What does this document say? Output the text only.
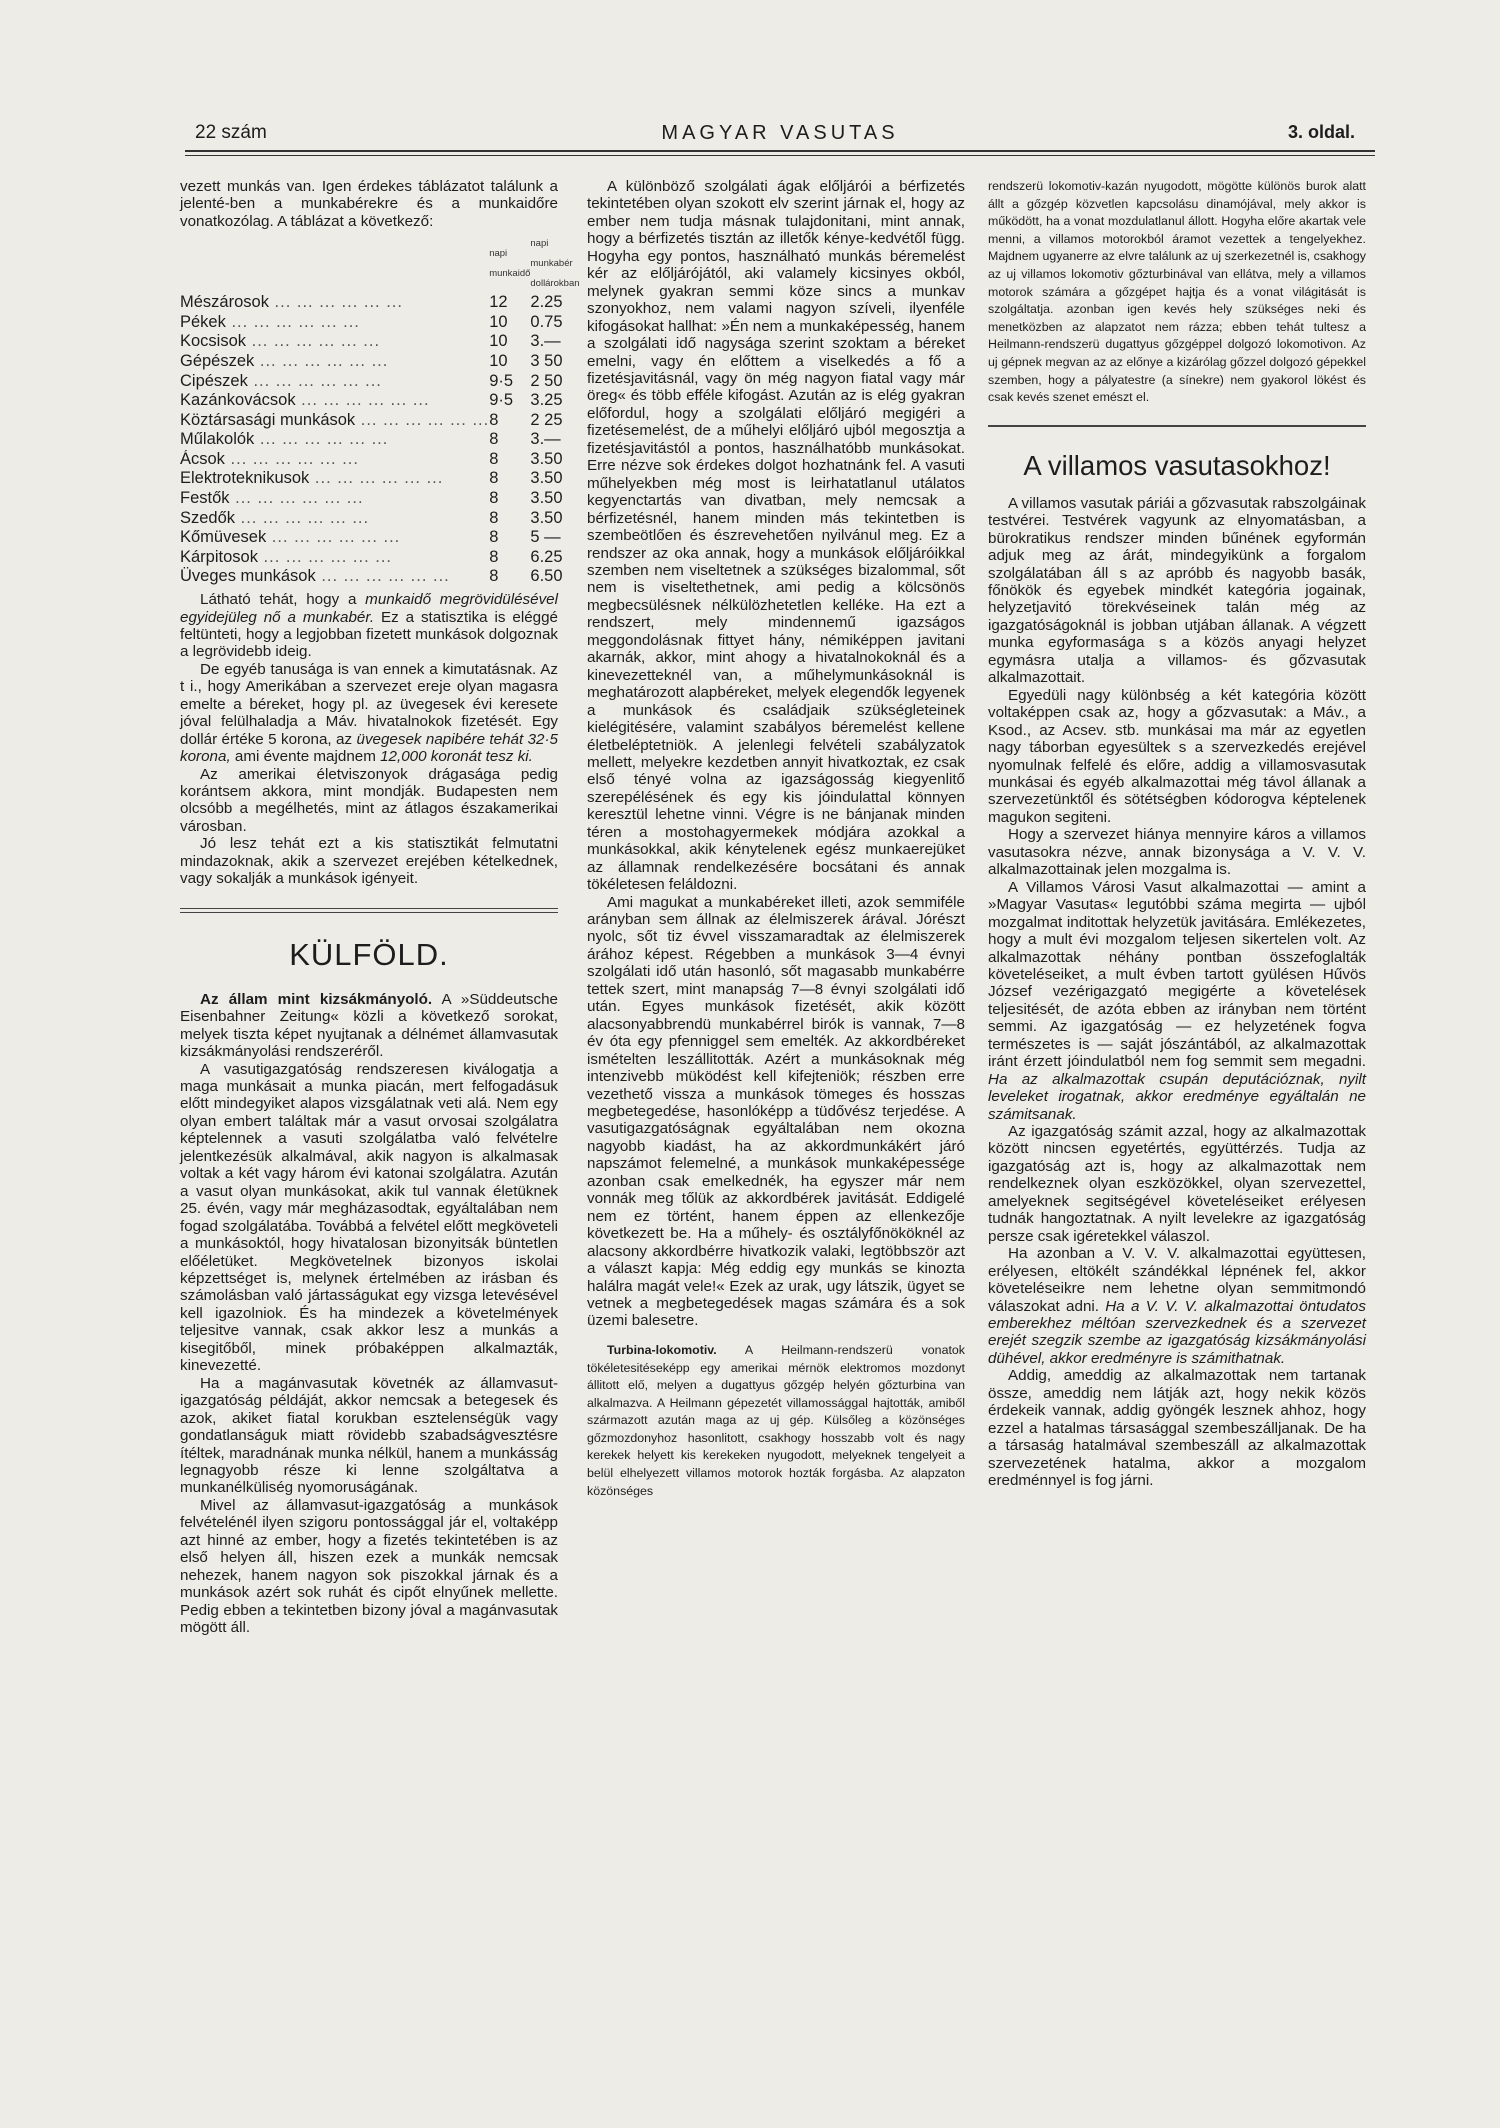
22 szám	MAGYAR VASUTAS	3. oldal.

vezett munkás van. Igen érdekes táblázatot találunk a jelenté-ben a munkabérekre és a munkaidőre vonatkozólag. A táblázat a következő:

	napi munkaidő	napi munkabér dollárokban
Mészárosok ... ... ... ... ... ...	12	2.25
Pékek ... ... ... ... ... ...	10	0.75
Kocsisok ... ... ... ... ... ...	10	3.—
Gépészek ... ... ... ... ... ...	10	3 50
Cipészek ... ... ... ... ... ...	9·5	2 50
Kazánkovácsok ... ... ... ... ... ...	9·5	3.25
Köztársasági munkások ... ... ... ... ... ...	8	2 25
Műlakolók ... ... ... ... ... ...	8	3.—
Ácsok ... ... ... ... ... ...	8	3.50
Elektroteknikusok ... ... ... ... ... ...	8	3.50
Festők ... ... ... ... ... ...	8	3.50
Szedők ... ... ... ... ... ...	8	3.50
Kőmüvesek ... ... ... ... ... ...	8	5 —
Kárpitosok ... ... ... ... ... ...	8	6.25
Üveges munkások ... ... ... ... ... ...	8	6.50

Látható tehát, hogy a munkaidő megrövidülésével egyidejüleg nő a munkabér. Ez a statisztika is eléggé feltünteti, hogy a legjobban fizetett munkások dolgoznak a legrövidebb ideig.

De egyéb tanusága is van ennek a kimutatásnak. Az t i., hogy Amerikában a szervezet ereje olyan magasra emelte a béreket, hogy pl. az üvegesek évi keresete jóval felülhaladja a Máv. hivatalnokok fizetését. Egy dollár értéke 5 korona, az üvegesek napibére tehát 32·5 korona, ami évente majdnem 12,000 koronát tesz ki.

Az amerikai életviszonyok drágasága pedig korántsem akkora, mint mondják. Budapesten nem olcsóbb a megélhetés, mint az átlagos északamerikai városban.

Jó lesz tehát ezt a kis statisztikát felmutatni mindazoknak, akik a szervezet erejében kételkednek, vagy sokalják a munkások igényeit.

KÜLFÖLD.

Az állam mint kizsákmányoló. A »Süddeutsche Eisenbahner Zeitung« közli a következő sorokat, melyek tiszta képet nyujtanak a délnémet államvasutak kizsákmányolási rendszeréről.

A vasutigazgatóság rendszeresen kiválogatja a maga munkásait a munka piacán, mert felfogadásuk előtt mindegyiket alapos vizsgálatnak veti alá. Nem egy olyan embert találtak már a vasut orvosai szolgálatra képtelennek a vasuti szolgálatba való felvételre jelentkezésük alkalmával, akik nagyon is alkalmasak voltak a két vagy három évi katonai szolgálatra. Azután a vasut olyan munkásokat, akik tul vannak életüknek 25. évén, vagy már megházasodtak, egyáltalában nem fogad szolgálatába. Továbbá a felvétel előtt megköveteli a munkásoktól, hogy hivatalosan bizonyitsák büntetlen előéletüket. Megkövetelnek bizonyos iskolai képzettséget is, melynek értelmében az irásban és számolásban való jártasságukat egy vizsga letevésével kell igazolniok. És ha mindezek a követelmények teljesitve vannak, csak akkor lesz a munkás a kisegitőből, minek próbaképpen alkalmazták, kinevezetté.

Ha a magánvasutak követnék az államvasut-igazgatóság példáját, akkor nemcsak a betegesek és azok, akiket fiatal korukban esztelenségük vagy gondatlanságuk miatt rövidebb szabadságvesztésre ítéltek, maradnának munka nélkül, hanem a munkásság legnagyobb része ki lenne szolgáltatva a munkanélküliség nyomoruságának.

Mivel az államvasut-igazgatóság a munkások felvételénél ilyen szigoru pontossággal jár el, voltaképp azt hinné az ember, hogy a fizetés tekintetében is az első helyen áll, hiszen ezek a munkák nemcsak nehezek, hanem nagyon sok piszokkal járnak és a munkások azért sok ruhát és cipőt elnyűnek mellette. Pedig ebben a tekintetben bizony jóval a magánvasutak mögött áll.

A különböző szolgálati ágak előljárói a bérfizetés tekintetében olyan szokott elv szerint járnak el, hogy az ember nem tudja másnak tulajdonitani, mint annak, hogy a bérfizetés tisztán az illetők kénye-kedvétől függ. Hogyha egy pontos, használható munkás béremelést kér az előljárójától, aki valamely kicsinyes okból, melynek gyakran semmi köze sincs a munkav szonyokhoz, nem valami nagyon szíveli, ilyenféle kifogásokat hallhat: »Én nem a munkaképesség, hanem a szolgálati idő nagysága szerint szoktam a béreket emelni, vagy én előttem a viselkedés a fő a fizetésjavitásnál, vagy ön még nagyon fiatal vagy már öreg« és több efféle kifogást. Azután az is elég gyakran előfordul, hogy a szolgálati előljáró megigéri a fizetésemelést, de a műhelyi előljáró ujból megosztja a fizetésjavitástól a pontos, használhatóbb munkásokat. Erre nézve sok érdekes dolgot hozhatnánk fel. A vasuti műhelyekben még most is leirhatatlanul utálatos kegyenctartás van divatban, mely nemcsak a bérfizetésnél, hanem minden más tekintetben is szembeötlően és észrevehetően nyilvánul meg. Ez a rendszer az oka annak, hogy a munkások előljáróikkal szemben nem viseltetnek a szükséges bizalommal, sőt nem is viseltethetnek, ami pedig a kölcsönös megbecsülésnek nélkülözhetetlen kelléke. Ha ezt a rendszert, mely mindennemű igazságos meggondolásnak fittyet hány, némiképpen javitani akarnák, akkor, mint ahogy a hivatalnokoknál és a kinevezetteknél van, a műhelymunkásoknál is meghatározott alapbéreket, melyek elegendők legyenek a munkások és családjaik szükségleteinek kielégitésére, valamint szabályos béremelést kellene életbeléptetniök. A jelenlegi felvételi szabályzatok mellett, melyekre kezdetben annyit hivatkoztak, ez csak első tényé volna az igazságosság kiegyenlitő szerepélésének és egy kis jóindulattal könnyen keresztül lehetne vinni. Végre is ne bánjanak minden téren a mostohagyermekek módjára azokkal a munkásokkal, akik kénytelenek egész munkaerejüket az államnak rendelkezésére bocsátani és annak tökéletesen feláldozni.

Ami magukat a munkabéreket illeti, azok semmiféle arányban sem állnak az élelmiszerek árával. Jórészt nyolc, sőt tiz évvel visszamaradtak az élelmiszerek árához képest. Régebben a munkások 3—4 évnyi szolgálati idő után hasonló, sőt magasabb munkabérre tettek szert, mint manapság 7—8 évnyi szolgálati idő után. Egyes munkások fizetését, akik között alacsonyabbrendü munkabérrel birók is vannak, 7—8 év óta egy pfenniggel sem emelték. Az akkordbéreket ismételten leszállitották. Azért a munkásoknak még intenzivebb müködést kell kifejteniök; részben erre vezethető vissza a munkások tömeges és hosszas megbetegedése, hasonlóképp a tüdővész terjedése. A vasutigazgatóságnak egyáltalában nem okozna nagyobb kiadást, ha az akkordmunkákért járó napszámot felemelné, a munkások munkaképessége azonban csak emelkednék, ha egyszer már nem vonnák meg tőlük az akkordbérek javitását. Eddigelé nem ez történt, hanem éppen az ellenkezője következett be. Ha a műhely- és osztályfőnököknél az alacsony akkordbérre hivatkozik valaki, legtöbbször azt a választ kapja: Még eddig egy munkás se kinozta halálra magát vele!« Ezek az urak, ugy látszik, ügyet se vetnek a megbetegedések magas számára és a sok üzemi balesetre.

Turbina-lokomotiv. A Heilmann-rendszerü vonatok tökéletesitéseképp egy amerikai mérnök elektromos mozdonyt állitott elő, melyen a dugattyus gőzgép helyén gőzturbina van alkalmazva. A Heilmann gépezetét villamossággal hajtották, amiből származott azután maga az uj gép. Külsőleg a közönséges gőzmozdonyhoz hasonlitott, csakhogy hosszabb volt és nagy kerekek helyett kis kerekeken nyugodott, melyeknek tengelyeit a belül elhelyezett villamos motorok hozták forgásba. Az alapzaton közönséges

rendszerü lokomotiv-kazán nyugodott, mögötte különös burok alatt állt a gőzgép közvetlen kapcsolásu dinamójával, mely akkor is működött, ha a vonat mozdulatlanul állott. Hogyha előre akartak vele menni, a villamos motorokból áramot vezettek a tengelyekhez. Majdnem ugyanerre az elvre találunk az uj szerkezetnél is, csakhogy az uj villamos lokomotiv gőzturbinával van ellátva, mely a villamos motorok számára a gőzgépet hajtja és a vonat világitását is szolgáltatja. azonban igen kevés hely szükséges neki és menetközben az alapzatot nem rázza; ebben tehát tultesz a Heilmann-rendszerü dugattyus gőzgéppel dolgozó lokomotivon. Az uj gépnek megvan az az előnye a kizárólag gőzzel dolgozó gépekkel szemben, hogy a pályatestre (a sínekre) nem gyakorol lökést és csak kevés szenet emészt el.

A villamos vasutasokhoz!

A villamos vasutak páriái a gőzvasutak rabszolgáinak testvérei. Testvérek vagyunk az elnyomatásban, a bürokratikus rendszer minden bűnének egyformán adjuk meg az árát, mindegyikünk a forgalom szolgálatában áll s az apróbb és nagyobb basák, főnökök és egyebek mindkét kategória jogainak, helyzetjavitó törekvéseinek talán még az igazgatóságoknál is jobban utjában állanak. A végzett munka egyformasága s a közös anyagi helyzet egymásra utalja a villamos- és gőzvasutak alkalmazottait.

Egyedüli nagy különbség a két kategória között voltaképpen csak az, hogy a gőzvasutak: a Máv., a Ksod., az Acsev. stb. munkásai ma már az egyetlen nagy táborban egyesültek s a szervezkedés erejével nyomulnak felfelé és előre, addig a villamosvasutak munkásai és egyéb alkalmazottai még távol állanak a szervezetünktől és sötétségben kódorogva képtelenek magukon segiteni.

Hogy a szervezet hiánya mennyire káros a villamos vasutasokra nézve, annak bizonysága a V. V. V. alkalmazottainak jelen mozgalma is.

A Villamos Városi Vasut alkalmazottai — amint a »Magyar Vasutas« legutóbbi száma megirta — ujból mozgalmat inditottak helyzetük javitására. Emlékezetes, hogy a mult évi mozgalom teljesen sikertelen volt. Az alkalmazottak néhány pontban összefoglalták követeléseiket, a mult évben tartott gyülésen Hűvös József vezérigazgató megigérte a követelések teljesitését, de azóta ebben az irányban nem történt semmi. Az igazgatóság — ez helyzetének fogva természetes is — saját jószántából, az alkalmazottak iránt érzett jóindulatból nem fog semmit sem megadni. Ha az alkalmazottak csupán deputációznak, nyilt leveleket irogatnak, akkor eredménye egyáltalán ne számitsanak.

Az igazgatóság számit azzal, hogy az alkalmazottak között nincsen egyetértés, együttérzés. Tudja az igazgatóság azt is, hogy az alkalmazottak nem rendelkeznek olyan eszközökkel, olyan szervezettel, amelyeknek segitségével követeléseiket erélyesen tudnák hangoztatnak. A nyilt levelekre az igazgatóság persze csak igéretekkel válaszol.

Ha azonban a V. V. V. alkalmazottai együttesen, erélyesen, eltökélt szándékkal lépnének fel, akkor követeléseikre nem lehetne olyan semmitmondó válaszokat adni. Ha a V. V. V. alkalmazottai öntudatos emberekhez méltóan szervezkednek és a szervezet erejét szegzik szembe az igazgatóság kizsákmányolási dühével, akkor eredményre is számithatnak.

Addig, ameddig az alkalmazottak nem tartanak össze, ameddig nem látják azt, hogy nekik közös érdekeik vannak, addig gyöngék lesznek ahhoz, hogy ezzel a hatalmas társasággal szembeszálljanak. De ha a társaság hatalmával szembeszáll az alkalmazottak szervezetének hatalma, akkor a mozgalom eredménnyel is fog járni.
